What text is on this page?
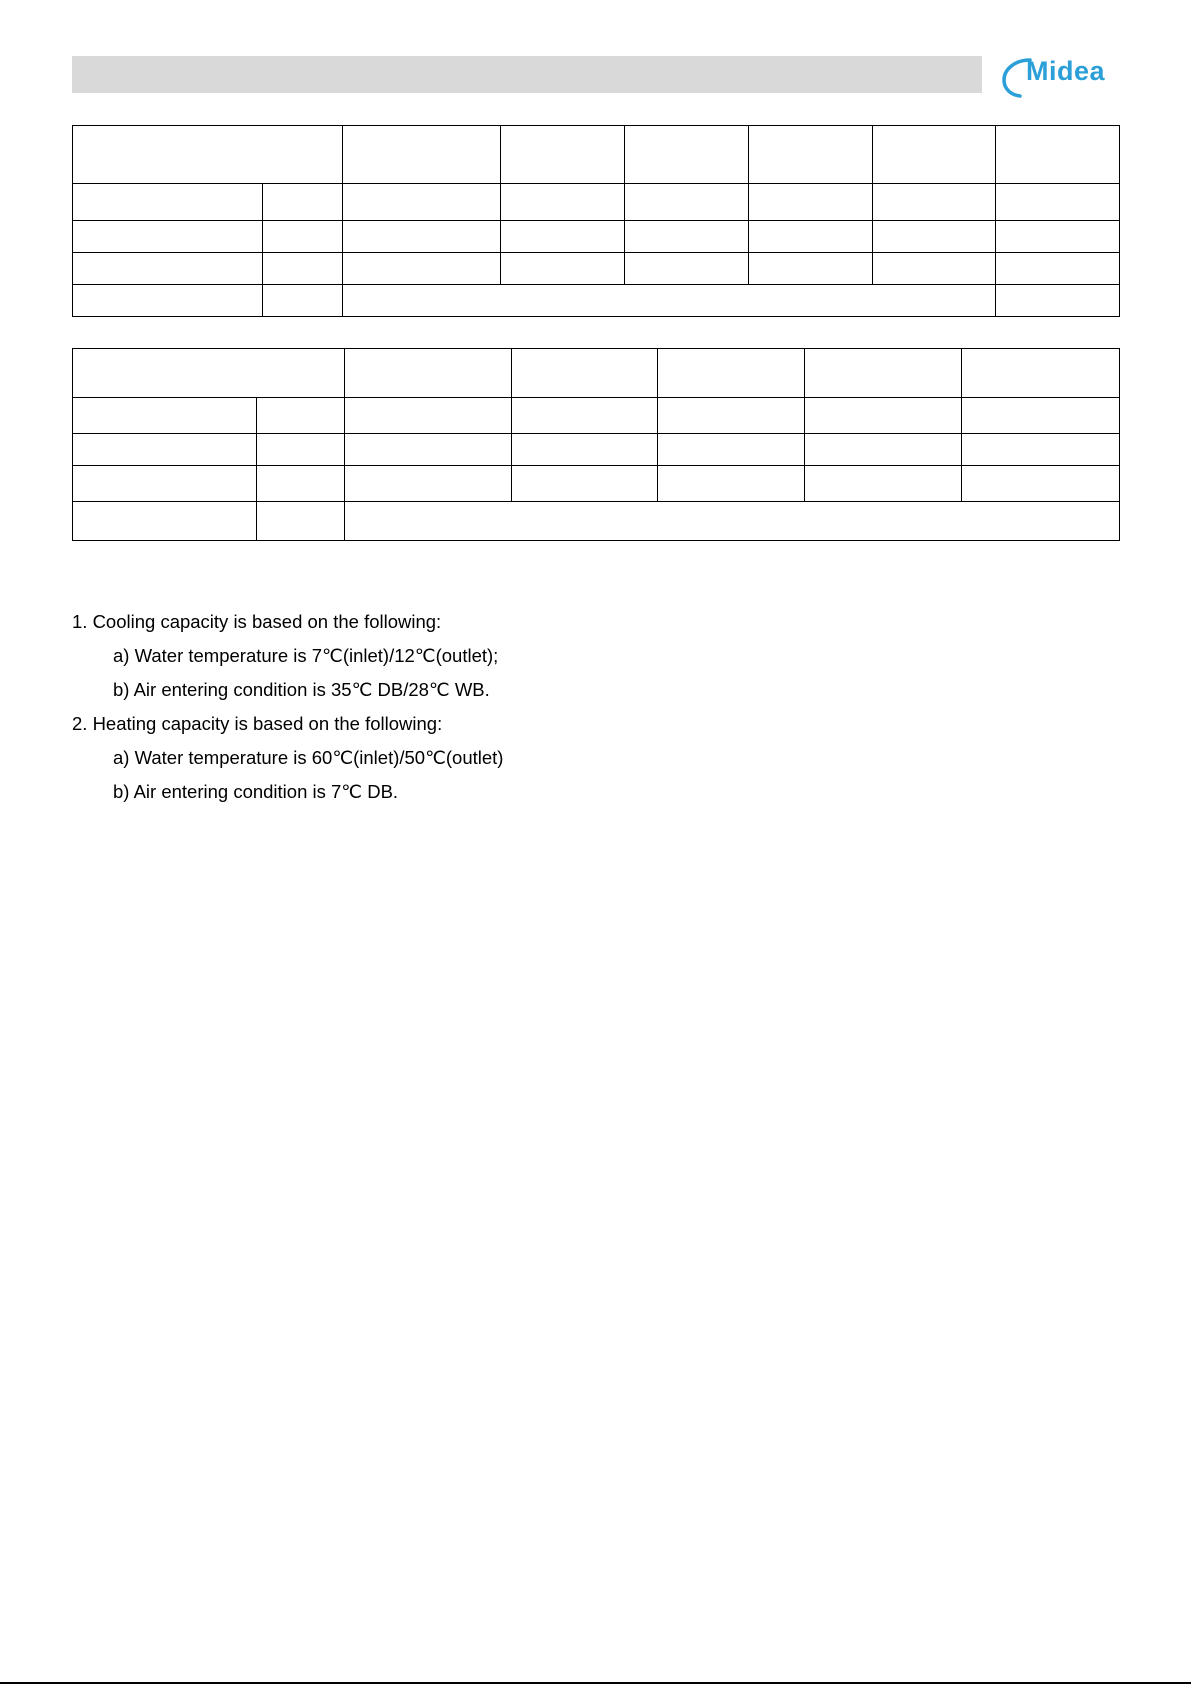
Midea

1. Cooling capacity is based on the following:

a) Water temperature is 7℃(inlet)/12℃(outlet);

b) Air entering condition is 35℃ DB/28℃ WB.

2. Heating capacity is based on the following:

a) Water temperature is 60℃(inlet)/50℃(outlet)

b) Air entering condition is 7℃ DB.
